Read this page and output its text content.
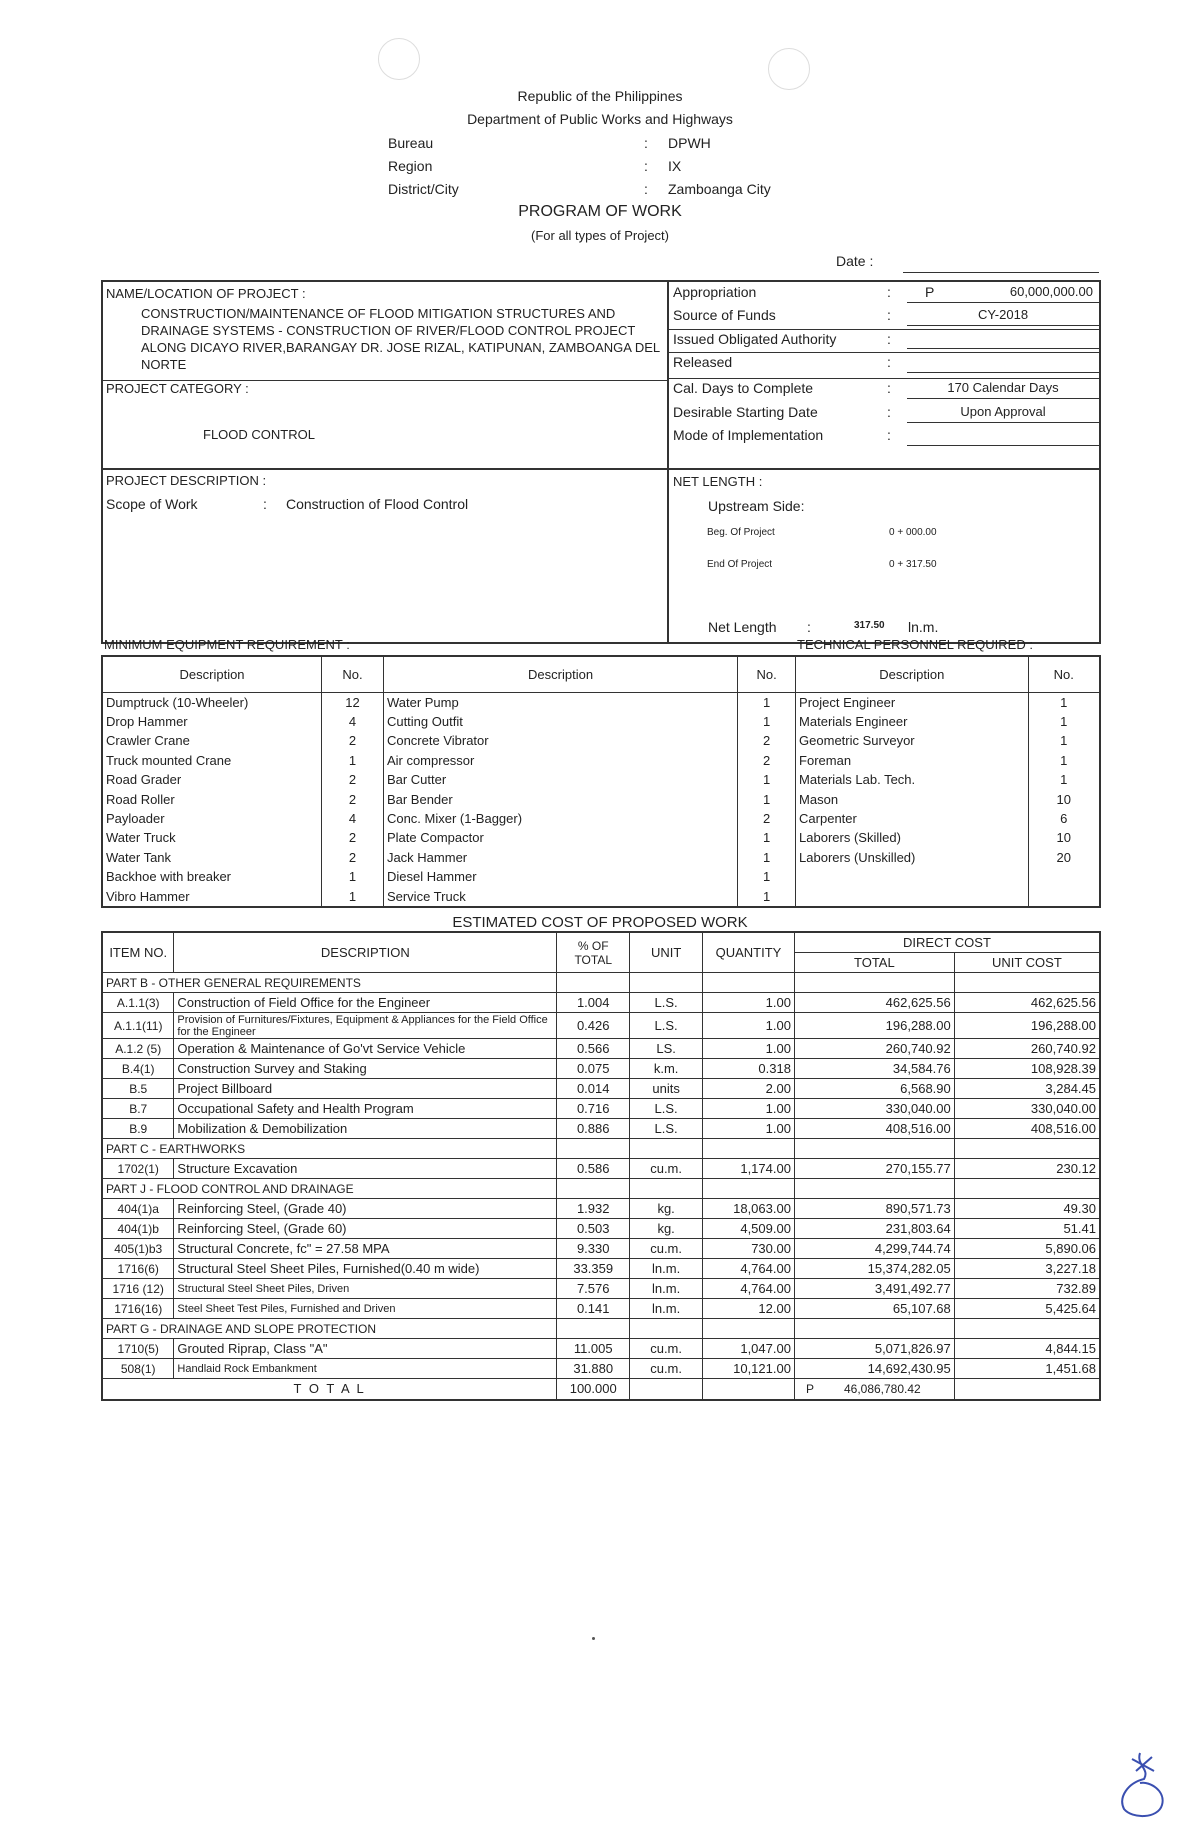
Republic of the Philippines
Department of Public Works and Highways
Bureau	: DPWH
Region	: IX
District/City	: Zamboanga City
PROGRAM OF WORK
(For all types of Project)
Date :
NAME/LOCATION OF PROJECT :
CONSTRUCTION/MAINTENANCE OF FLOOD MITIGATION STRUCTURES AND DRAINAGE SYSTEMS - CONSTRUCTION OF RIVER/FLOOD CONTROL PROJECT ALONG DICAYO RIVER,BARANGAY DR. JOSE RIZAL, KATIPUNAN, ZAMBOANGA DEL NORTE
PROJECT CATEGORY :
FLOOD CONTROL
PROJECT DESCRIPTION :
Scope of Work	: Construction of Flood Control
Appropriation	: P	60,000,000.00
Source of Funds	:	CY-2018
Issued Obligated Authority	:
Released	:
Cal. Days to Complete	:	170 Calendar Days
Desirable Starting Date	:	Upon Approval
Mode of Implementation	:
NET LENGTH :
Upstream Side:
Beg. Of Project	0 + 000.00
End Of Project	0 + 317.50
Net Length :	317.50 ln.m.
MINIMUM EQUIPMENT REQUIREMENT :	TECHNICAL PERSONNEL REQUIRED :
Description	No.	Description	No.	Description	No.
Dumptruck (10-Wheeler)	12	Water Pump	1	Project Engineer	1
Drop Hammer	4	Cutting Outfit	1	Materials Engineer	1
Crawler Crane	2	Concrete Vibrator	2	Geometric Surveyor	1
Truck mounted Crane	1	Air compressor	2	Foreman	1
Road Grader	2	Bar Cutter	1	Materials Lab. Tech.	1
Road Roller	2	Bar Bender	1	Mason	10
Payloader	4	Conc. Mixer (1-Bagger)	2	Carpenter	6
Water Truck	2	Plate Compactor	1	Laborers (Skilled)	10
Water Tank	2	Jack Hammer	1	Laborers (Unskilled)	20
Backhoe with breaker	1	Diesel Hammer	1		
Vibro Hammer	1	Service Truck	1		
ESTIMATED COST OF PROPOSED WORK
ITEM NO.	DESCRIPTION	% OF TOTAL	UNIT	QUANTITY	DIRECT COST	
					TOTAL	UNIT COST
PART B - OTHER GENERAL REQUIREMENTS						
A.1.1(3)	Construction of Field Office for the Engineer	1.004	L.S.	1.00	462,625.56	462,625.56
A.1.1(11)	Provision of Furnitures/Fixtures, Equipment & Appliances for the Field Office for the Engineer	0.426	L.S.	1.00	196,288.00	196,288.00
A.1.2 (5)	Operation & Maintenance of Go'vt Service Vehicle	0.566	LS.	1.00	260,740.92	260,740.92
B.4(1)	Construction Survey and Staking	0.075	k.m.	0.318	34,584.76	108,928.39
B.5	Project Billboard	0.014	units	2.00	6,568.90	3,284.45
B.7	Occupational Safety and Health Program	0.716	L.S.	1.00	330,040.00	330,040.00
B.9	Mobilization & Demobilization	0.886	L.S.	1.00	408,516.00	408,516.00
PART C - EARTHWORKS						
1702(1)	Structure Excavation	0.586	cu.m.	1,174.00	270,155.77	230.12
PART J - FLOOD CONTROL AND DRAINAGE						
404(1)a	Reinforcing Steel, (Grade 40)	1.932	kg.	18,063.00	890,571.73	49.30
404(1)b	Reinforcing Steel, (Grade 60)	0.503	kg.	4,509.00	231,803.64	51.41
405(1)b3	Structural Concrete, fc" = 27.58 MPA	9.330	cu.m.	730.00	4,299,744.74	5,890.06
1716(6)	Structural Steel Sheet Piles, Furnished(0.40 m wide)	33.359	ln.m.	4,764.00	15,374,282.05	3,227.18
1716 (12)	Structural Steel Sheet Piles, Driven	7.576	ln.m.	4,764.00	3,491,492.77	732.89
1716(16)	Steel Sheet Test Piles, Furnished and Driven	0.141	ln.m.	12.00	65,107.68	5,425.64
PART G - DRAINAGE AND SLOPE PROTECTION						
1710(5)	Grouted Riprap, Class "A"	11.005	cu.m.	1,047.00	5,071,826.97	4,844.15
508(1)	Handlaid Rock Embankment	31.880	cu.m.	10,121.00	14,692,430.95	1,451.68
T O T A L		100.000			P 46,086,780.42	
